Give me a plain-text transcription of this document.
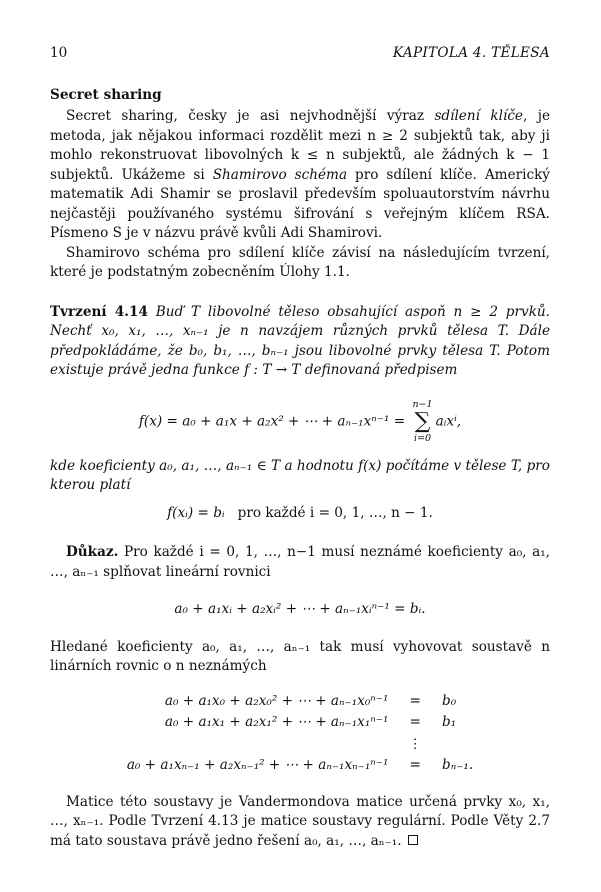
10	KAPITOLA 4. TĚLESA
Secret sharing

Secret sharing, česky je asi nejvhodnější výraz sdílení klíče, je metoda, jak nějakou informaci rozdělit mezi n ≥ 2 subjektů tak, aby ji mohlo rekonstruovat libovolných k ≤ n subjektů, ale žádných k − 1 subjektů. Ukážeme si Shamirovo schéma pro sdílení klíče. Americký matematik Adi Shamir se proslavil především spoluautorstvím návrhu nejčastěji používaného systému šifrování s veřejným klíčem RSA. Písmeno S je v názvu právě kvůli Adi Shamirovi.

Shamirovo schéma pro sdílení klíče závisí na následujícím tvrzení, které je podstatným zobecněním Úlohy 1.1.

Tvrzení 4.14 Buď T libovolné těleso obsahující aspoň n ≥ 2 prvků. Nechť x₀, x₁, …, xₙ₋₁ je n navzájem různých prvků tělesa T. Dále předpokládáme, že b₀, b₁, …, bₙ₋₁ jsou libovolné prvky tělesa T. Potom existuje právě jedna funkce f : T → T definovaná předpisem
f(x) = a₀ + a₁x + a₂x² + ⋯ + aₙ₋₁xⁿ⁻¹ =
n−1
∑
i=0
aᵢxⁱ,

kde koeficienty a₀, a₁, …, aₙ₋₁ ∈ T a hodnotu f(x) počítáme v tělese T, pro kterou platí

f(xᵢ) = bᵢ pro každé i = 0, 1, …, n − 1.

Důkaz. Pro každé i = 0, 1, …, n−1 musí neznámé koeficienty a₀, a₁, …, aₙ₋₁ splňovat lineární rovnici

a₀ + a₁xᵢ + a₂xᵢ² + ⋯ + aₙ₋₁xᵢⁿ⁻¹ = bᵢ.

Hledané koeficienty a₀, a₁, …, aₙ₋₁ tak musí vyhovovat soustavě n linárních rovnic o n neznámých

a₀ + a₁x₀ + a₂x₀² + ⋯ + aₙ₋₁x₀ⁿ⁻¹	=	b₀
a₀ + a₁x₁ + a₂x₁² + ⋯ + aₙ₋₁x₁ⁿ⁻¹	=	b₁
	⋮	
a₀ + a₁xₙ₋₁ + a₂xₙ₋₁² + ⋯ + aₙ₋₁xₙ₋₁ⁿ⁻¹	=	bₙ₋₁.

Matice této soustavy je Vandermondova matice určená prvky x₀, x₁, …, xₙ₋₁. Podle Tvrzení 4.13 je matice soustavy regulární. Podle Věty 2.7 má tato soustava právě jedno řešení a₀, a₁, …, aₙ₋₁.
